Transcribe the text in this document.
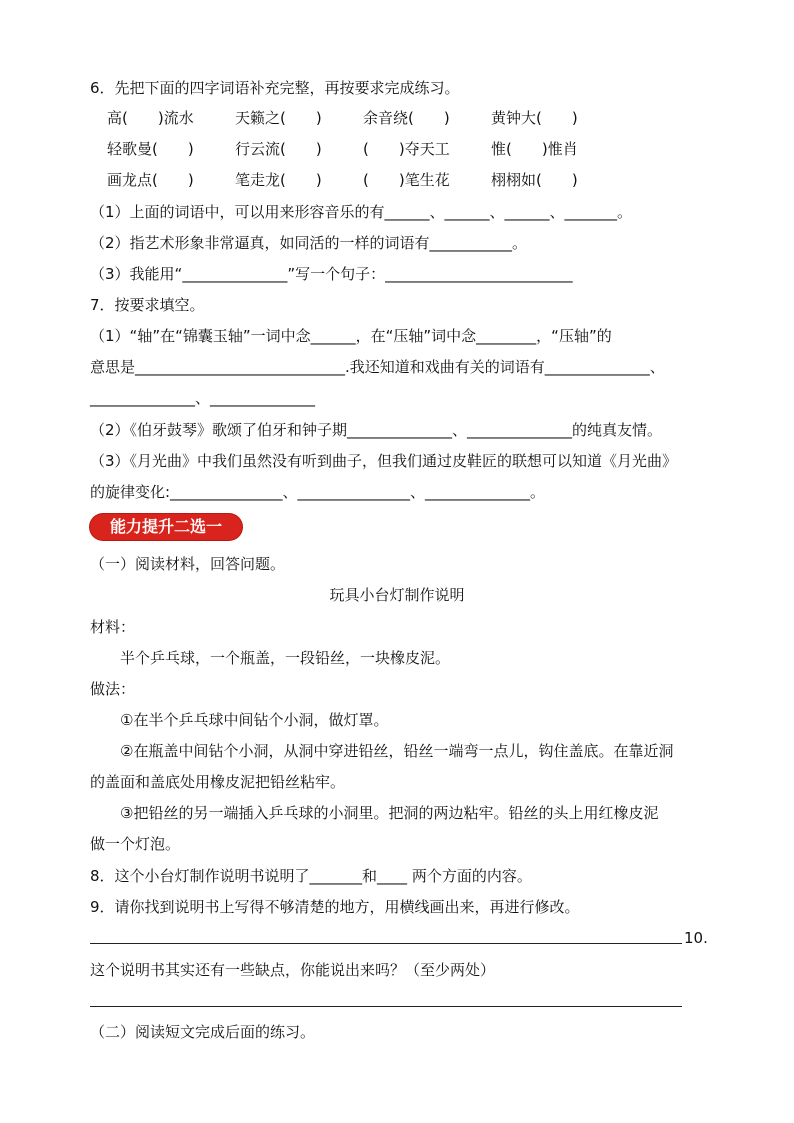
6．先把下面的四字词语补充完整，再按要求完成练习。
高(　　)流水	天籁之(　　)	余音绕(　　)	黄钟大(　　)
轻歌曼(　　)	行云流(　　)	(　　)夺天工	惟(　　)惟肖
画龙点(　　)	笔走龙(　　)	(　　)笔生花	栩栩如(　　)
（1）上面的词语中，可以用来形容音乐的有______、______、______、_______。
（2）指艺术形象非常逼真，如同活的一样的词语有___________。
（3）我能用“______________”写一个句子：_________________________
7．按要求填空。
（1）“轴”在“锦囊玉轴”一词中念______，在“压轴”词中念________，“压轴”的
意思是____________________________.我还知道和戏曲有关的词语有______________、
______________、______________
（2）《伯牙鼓琴》歌颂了伯牙和钟子期______________、______________的纯真友情。
（3）《月光曲》中我们虽然没有听到曲子，但我们通过皮鞋匠的联想可以知道《月光曲》
的旋律变化:_______________、_______________、______________。
能力提升二选一
（一）阅读材料，回答问题。
玩具小台灯制作说明
材料：
半个乒乓球，一个瓶盖，一段铅丝，一块橡皮泥。
做法：
①在半个乒乓球中间钻个小洞，做灯罩。
②在瓶盖中间钻个小洞，从洞中穿进铅丝，铅丝一端弯一点儿，钩住盖底。在靠近洞
的盖面和盖底处用橡皮泥把铅丝粘牢。
③把铅丝的另一端插入乒乓球的小洞里。把洞的两边粘牢。铅丝的头上用红橡皮泥
做一个灯泡。
8．这个小台灯制作说明书说明了_______和____ 两个方面的内容。
9．请你找到说明书上写得不够清楚的地方，用横线画出来，再进行修改。
10.
这个说明书其实还有一些缺点，你能说出来吗？（至少两处）
（二）阅读短文完成后面的练习。
